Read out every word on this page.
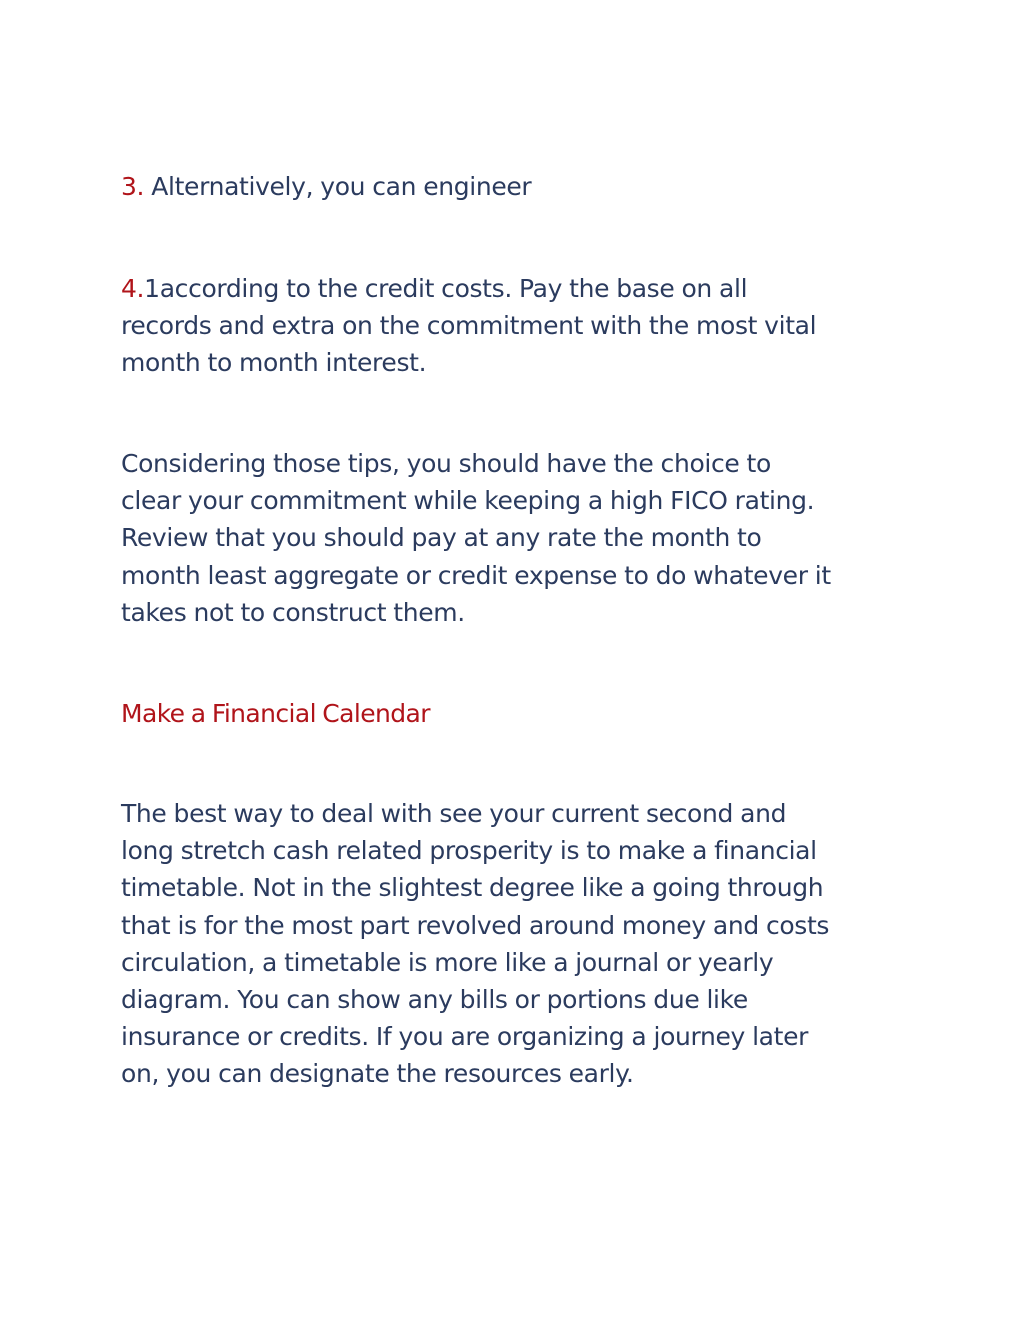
3. Alternatively, you can engineer

4.1according to the credit costs. Pay the base on all
records and extra on the commitment with the most vital
month to month interest.

Considering those tips, you should have the choice to
clear your commitment while keeping a high FICO rating.
Review that you should pay at any rate the month to
month least aggregate or credit expense to do whatever it
takes not to construct them.

Make a Financial Calendar

The best way to deal with see your current second and
long stretch cash related prosperity is to make a financial
timetable. Not in the slightest degree like a going through
that is for the most part revolved around money and costs
circulation, a timetable is more like a journal or yearly
diagram. You can show any bills or portions due like
insurance or credits. If you are organizing a journey later
on, you can designate the resources early.
